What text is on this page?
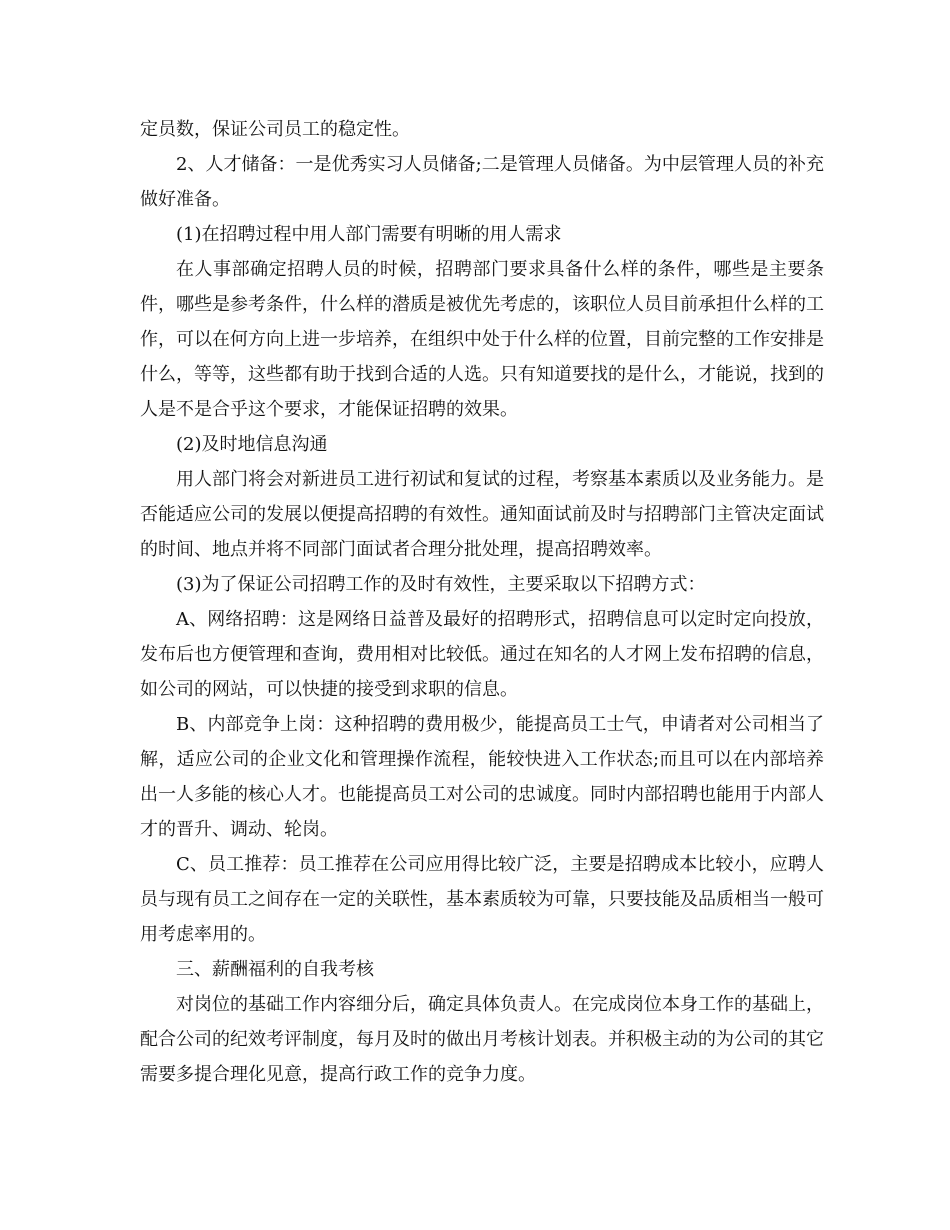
定员数，保证公司员工的稳定性。

2、人才储备：一是优秀实习人员储备;二是管理人员储备。为中层管理人员的补充做好准备。

(1)在招聘过程中用人部门需要有明晰的用人需求

在人事部确定招聘人员的时候，招聘部门要求具备什么样的条件，哪些是主要条件，哪些是参考条件，什么样的潜质是被优先考虑的，该职位人员目前承担什么样的工作，可以在何方向上进一步培养，在组织中处于什么样的位置，目前完整的工作安排是什么，等等，这些都有助于找到合适的人选。只有知道要找的是什么，才能说，找到的人是不是合乎这个要求，才能保证招聘的效果。

(2)及时地信息沟通

用人部门将会对新进员工进行初试和复试的过程，考察基本素质以及业务能力。是否能适应公司的发展以便提高招聘的有效性。通知面试前及时与招聘部门主管决定面试的时间、地点并将不同部门面试者合理分批处理，提高招聘效率。

(3)为了保证公司招聘工作的及时有效性，主要采取以下招聘方式：

A、网络招聘：这是网络日益普及最好的招聘形式，招聘信息可以定时定向投放，发布后也方便管理和查询，费用相对比较低。通过在知名的人才网上发布招聘的信息，如公司的网站，可以快捷的接受到求职的信息。

B、内部竞争上岗：这种招聘的费用极少，能提高员工士气，申请者对公司相当了解，适应公司的企业文化和管理操作流程，能较快进入工作状态;而且可以在内部培养出一人多能的核心人才。也能提高员工对公司的忠诚度。同时内部招聘也能用于内部人才的晋升、调动、轮岗。

C、员工推荐：员工推荐在公司应用得比较广泛，主要是招聘成本比较小，应聘人员与现有员工之间存在一定的关联性，基本素质较为可靠，只要技能及品质相当一般可用考虑率用的。

三、薪酬福利的自我考核

对岗位的基础工作内容细分后，确定具体负责人。在完成岗位本身工作的基础上，配合公司的纪效考评制度，每月及时的做出月考核计划表。并积极主动的为公司的其它需要多提合理化见意，提高行政工作的竞争力度。
